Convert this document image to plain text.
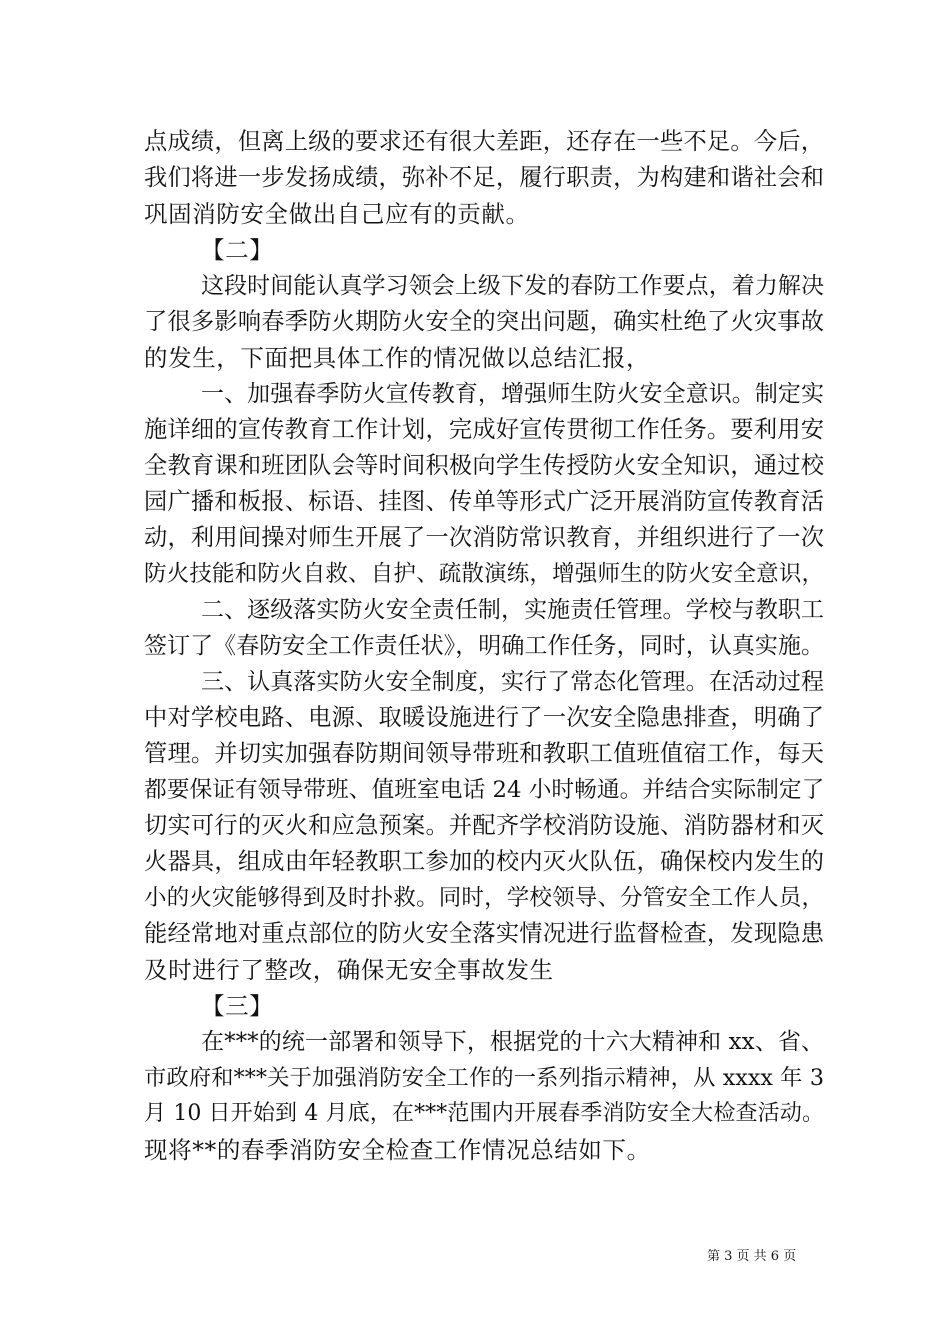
点成绩，但离上级的要求还有很大差距，还存在一些不足。今后，
我们将进一步发扬成绩，弥补不足，履行职责，为构建和谐社会和
巩固消防安全做出自己应有的贡献。
【二】
这段时间能认真学习领会上级下发的春防工作要点，着力解决
了很多影响春季防火期防火安全的突出问题，确实杜绝了火灾事故
的发生，下面把具体工作的情况做以总结汇报，
一、加强春季防火宣传教育，增强师生防火安全意识。制定实
施详细的宣传教育工作计划，完成好宣传贯彻工作任务。要利用安
全教育课和班团队会等时间积极向学生传授防火安全知识，通过校
园广播和板报、标语、挂图、传单等形式广泛开展消防宣传教育活
动，利用间操对师生开展了一次消防常识教育，并组织进行了一次
防火技能和防火自救、自护、疏散演练，增强师生的防火安全意识，
二、逐级落实防火安全责任制，实施责任管理。学校与教职工
签订了《春防安全工作责任状》，明确工作任务，同时，认真实施。
三、认真落实防火安全制度，实行了常态化管理。在活动过程
中对学校电路、电源、取暖设施进行了一次安全隐患排查，明确了
管理。并切实加强春防期间领导带班和教职工值班值宿工作，每天
都要保证有领导带班、值班室电话 24 小时畅通。并结合实际制定了
切实可行的灭火和应急预案。并配齐学校消防设施、消防器材和灭
火器具，组成由年轻教职工参加的校内灭火队伍，确保校内发生的
小的火灾能够得到及时扑救。同时，学校领导、分管安全工作人员，
能经常地对重点部位的防火安全落实情况进行监督检查，发现隐患
及时进行了整改，确保无安全事故发生
【三】
在***的统一部署和领导下，根据党的十六大精神和 xx、省、
市政府和***关于加强消防安全工作的一系列指示精神，从 xxxx 年 3
月 10 日开始到 4 月底，在***范围内开展春季消防安全大检查活动。
现将**的春季消防安全检查工作情况总结如下。
第 3 页 共 6 页
